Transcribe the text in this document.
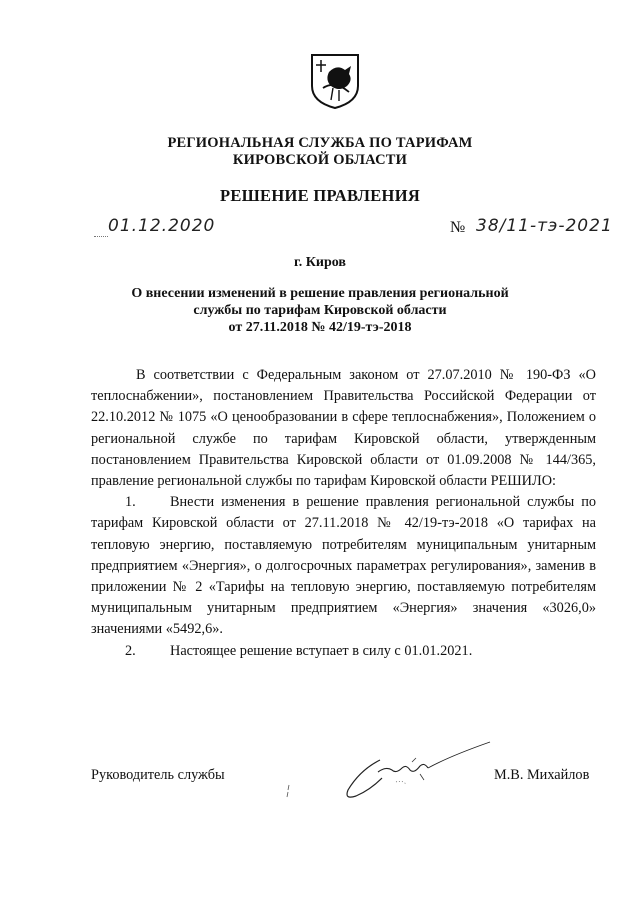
РЕГИОНАЛЬНАЯ СЛУЖБА ПО ТАРИФАМ
КИРОВСКОЙ ОБЛАСТИ
РЕШЕНИЕ ПРАВЛЕНИЯ
01.12.2020	№ 38/11-тэ-2021
г. Киров
О внесении изменений в решение правления региональной
службы по тарифам Кировской области
от 27.11.2018 № 42/19-тэ-2018

В соответствии с Федеральным законом от 27.07.2010 № 190-ФЗ «О теплоснабжении», постановлением Правительства Российской Федерации от 22.10.2012 № 1075 «О ценообразовании в сфере теплоснабжения», Положением о региональной службе по тарифам Кировской области, утвержденным постановлением Правительства Кировской области от 01.09.2008 № 144/365, правление региональной службы по тарифам Кировской области РЕШИЛО:

1. Внести изменения в решение правления региональной службы по тарифам Кировской области от 27.11.2018 № 42/19-тэ-2018 «О тарифах на тепловую энергию, поставляемую потребителям муниципальным унитарным предприятием «Энергия», о долгосрочных параметрах регулирования», заменив в приложении № 2 «Тарифы на тепловую энергию, поставляемую потребителям муниципальным унитарным предприятием «Энергия» значения «3026,0» значениями «5492,6».

2. Настоящее решение вступает в силу с 01.01.2021.

Руководитель службы	М.В. Михайлов
